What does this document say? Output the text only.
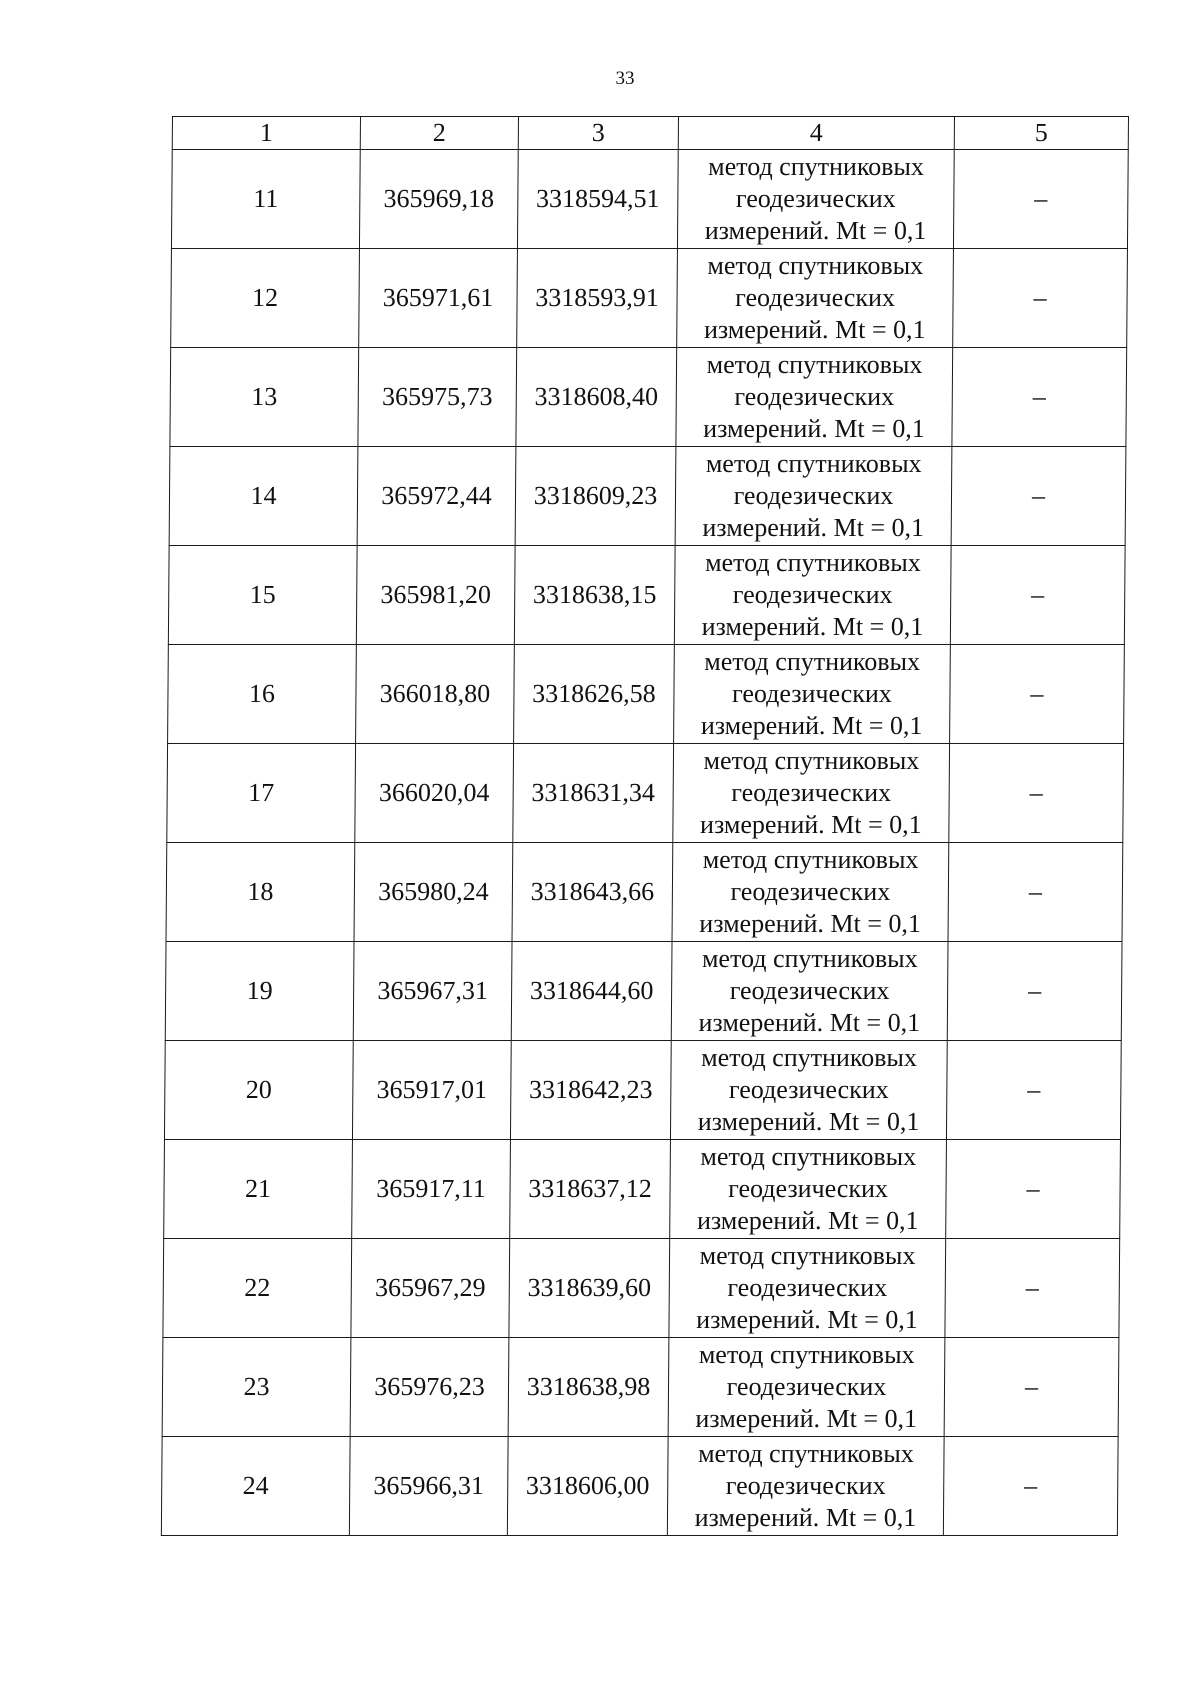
33
1	2	3	4	5
11	365969,18	3318594,51	метод спутниковых
геодезических
измерений. Mt = 0,1	–
12	365971,61	3318593,91	метод спутниковых
геодезических
измерений. Mt = 0,1	–
13	365975,73	3318608,40	метод спутниковых
геодезических
измерений. Mt = 0,1	–
14	365972,44	3318609,23	метод спутниковых
геодезических
измерений. Mt = 0,1	–
15	365981,20	3318638,15	метод спутниковых
геодезических
измерений. Mt = 0,1	–
16	366018,80	3318626,58	метод спутниковых
геодезических
измерений. Mt = 0,1	–
17	366020,04	3318631,34	метод спутниковых
геодезических
измерений. Mt = 0,1	–
18	365980,24	3318643,66	метод спутниковых
геодезических
измерений. Mt = 0,1	–
19	365967,31	3318644,60	метод спутниковых
геодезических
измерений. Mt = 0,1	–
20	365917,01	3318642,23	метод спутниковых
геодезических
измерений. Mt = 0,1	–
21	365917,11	3318637,12	метод спутниковых
геодезических
измерений. Mt = 0,1	–
22	365967,29	3318639,60	метод спутниковых
геодезических
измерений. Mt = 0,1	–
23	365976,23	3318638,98	метод спутниковых
геодезических
измерений. Mt = 0,1	–
24	365966,31	3318606,00	метод спутниковых
геодезических
измерений. Mt = 0,1	–
